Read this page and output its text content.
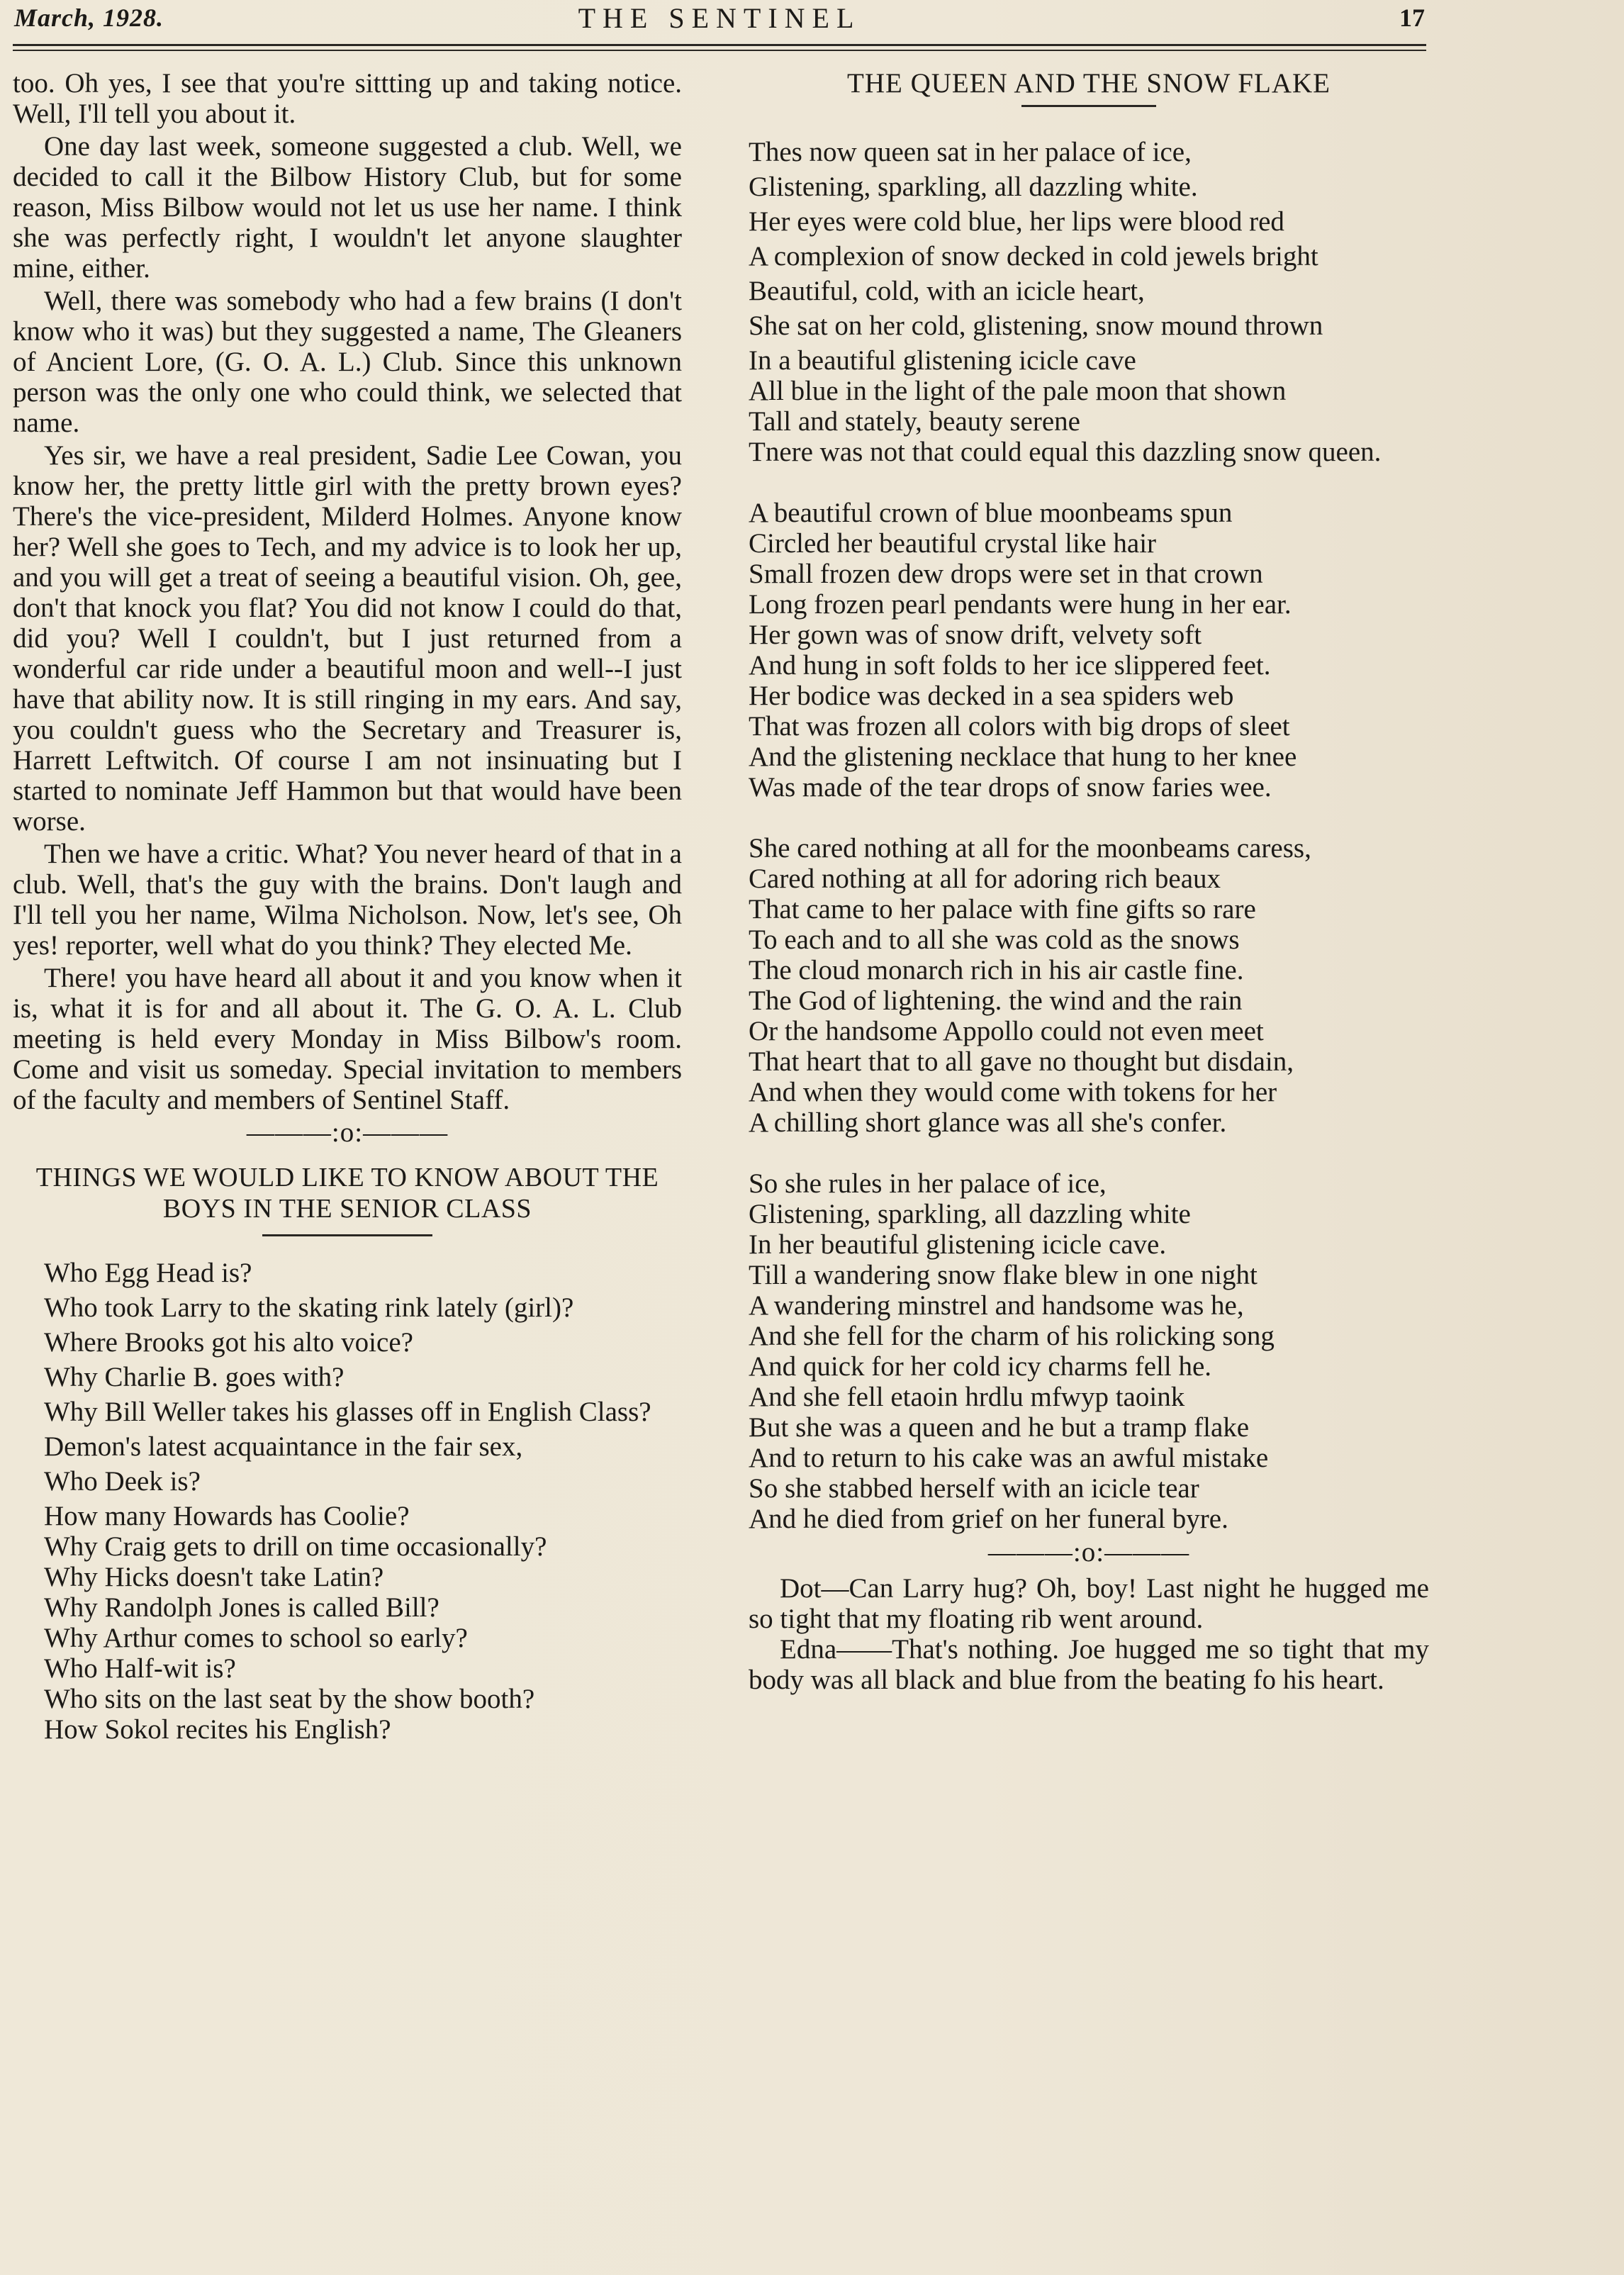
March, 1928.	THE SENTINEL	17

too. Oh yes, I see that you're sittting up and taking notice. Well, I'll tell you about it.

One day last week, someone suggested a club. Well, we decided to call it the Bilbow History Club, but for some reason, Miss Bilbow would not let us use her name. I think she was perfectly right, I wouldn't let anyone slaughter mine, either.

Well, there was somebody who had a few brains (I don't know who it was) but they suggested a name, The Gleaners of Ancient Lore, (G. O. A. L.) Club. Since this unknown person was the only one who could think, we selected that name.

Yes sir, we have a real president, Sadie Lee Cowan, you know her, the pretty little girl with the pretty brown eyes? There's the vice-president, Milderd Holmes. Anyone know her? Well she goes to Tech, and my advice is to look her up, and you will get a treat of seeing a beautiful vision. Oh, gee, don't that knock you flat? You did not know I could do that, did you? Well I couldn't, but I just returned from a wonderful car ride under a beautiful moon and well--I just have that ability now. It is still ringing in my ears. And say, you couldn't guess who the Secretary and Treasurer is, Harrett Leftwitch. Of course I am not insinuating but I started to nominate Jeff Hammon but that would have been worse.

Then we have a critic. What? You never heard of that in a club. Well, that's the guy with the brains. Don't laugh and I'll tell you her name, Wilma Nicholson. Now, let's see, Oh yes! reporter, well what do you think? They elected Me.

There! you have heard all about it and you know when it is, what it is for and all about it. The G. O. A. L. Club meeting is held every Monday in Miss Bilbow's room. Come and visit us someday. Special invitation to members of the faculty and members of Sentinel Staff.

———:o:———
THINGS WE WOULD LIKE TO KNOW ABOUT THE BOYS IN THE SENIOR CLASS
Who Egg Head is?
Who took Larry to the skating rink lately (girl)?
Where Brooks got his alto voice?
Why Charlie B. goes with?
Why Bill Weller takes his glasses off in English Class?
Demon's latest acquaintance in the fair sex,
Who Deek is?
How many Howards has Coolie?
Why Craig gets to drill on time occasionally?
Why Hicks doesn't take Latin?
Why Randolph Jones is called Bill?
Why Arthur comes to school so early?
Who Half-wit is?
Who sits on the last seat by the show booth?
How Sokol recites his English?
THE QUEEN AND THE SNOW FLAKE
Thes now queen sat in her palace of ice,
Glistening, sparkling, all dazzling white.
Her eyes were cold blue, her lips were blood red
A complexion of snow decked in cold jewels bright
Beautiful, cold, with an icicle heart,
She sat on her cold, glistening, snow mound thrown
In a beautiful glistening icicle cave
All blue in the light of the pale moon that shown
Tall and stately, beauty serene
Tnere was not that could equal this dazzling snow queen.
A beautiful crown of blue moonbeams spun
Circled her beautiful crystal like hair
Small frozen dew drops were set in that crown
Long frozen pearl pendants were hung in her ear.
Her gown was of snow drift, velvety soft
And hung in soft folds to her ice slippered feet.
Her bodice was decked in a sea spiders web
That was frozen all colors with big drops of sleet
And the glistening necklace that hung to her knee
Was made of the tear drops of snow faries wee.
She cared nothing at all for the moonbeams caress,
Cared nothing at all for adoring rich beaux
That came to her palace with fine gifts so rare
To each and to all she was cold as the snows
The cloud monarch rich in his air castle fine.
The God of lightening. the wind and the rain
Or the handsome Appollo could not even meet
That heart that to all gave no thought but disdain,
And when they would come with tokens for her
A chilling short glance was all she's confer.
So she rules in her palace of ice,
Glistening, sparkling, all dazzling white
In her beautiful glistening icicle cave.
Till a wandering snow flake blew in one night
A wandering minstrel and handsome was he,
And she fell for the charm of his rolicking song
And quick for her cold icy charms fell he.
And she fell etaoin hrdlu mfwyp taoink
But she was a queen and he but a tramp flake
And to return to his cake was an awful mistake
So she stabbed herself with an icicle tear
And he died from grief on her funeral byre.
———:o:———

Dot—Can Larry hug? Oh, boy! Last night he hugged me so tight that my floating rib went around.

Edna——That's nothing. Joe hugged me so tight that my body was all black and blue from the beating fo his heart.
